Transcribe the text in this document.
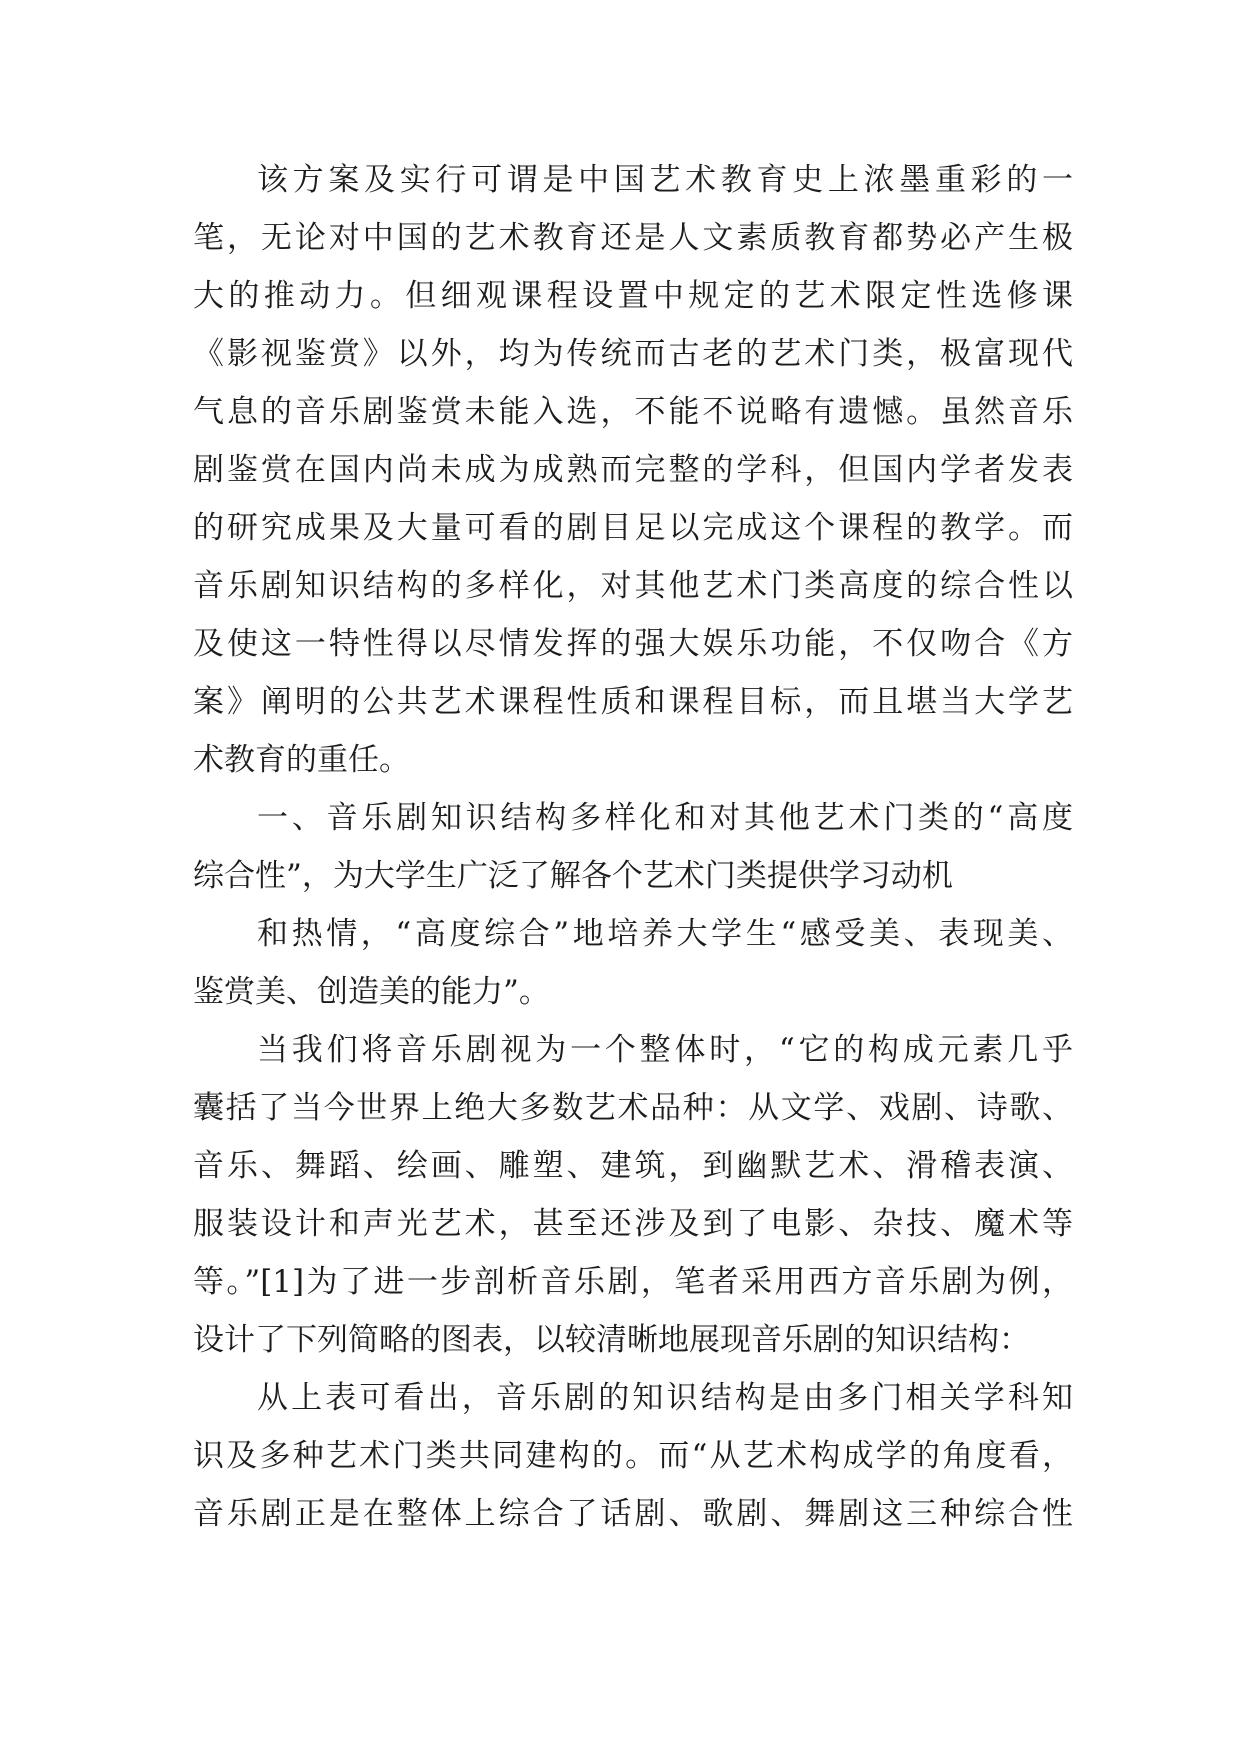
该方案及实行可谓是中国艺术教育史上浓墨重彩的一

笔，无论对中国的艺术教育还是人文素质教育都势必产生极

大的推动力。但细观课程设置中规定的艺术限定性选修课

《影视鉴赏》以外，均为传统而古老的艺术门类，极富现代

气息的音乐剧鉴赏未能入选，不能不说略有遗憾。虽然音乐

剧鉴赏在国内尚未成为成熟而完整的学科，但国内学者发表

的研究成果及大量可看的剧目足以完成这个课程的教学。而

音乐剧知识结构的多样化，对其他艺术门类高度的综合性以

及使这一特性得以尽情发挥的强大娱乐功能，不仅吻合《方

案》阐明的公共艺术课程性质和课程目标，而且堪当大学艺

术教育的重任。

一、音乐剧知识结构多样化和对其他艺术门类的“高度

综合性”，为大学生广泛了解各个艺术门类提供学习动机

和热情，“高度综合”地培养大学生“感受美、表现美、

鉴赏美、创造美的能力”。

当我们将音乐剧视为一个整体时，“它的构成元素几乎

囊括了当今世界上绝大多数艺术品种：从文学、戏剧、诗歌、

音乐、舞蹈、绘画、雕塑、建筑，到幽默艺术、滑稽表演、

服装设计和声光艺术，甚至还涉及到了电影、杂技、魔术等

等。”[1]为了进一步剖析音乐剧，笔者采用西方音乐剧为例，

设计了下列简略的图表，以较清晰地展现音乐剧的知识结构：

从上表可看出，音乐剧的知识结构是由多门相关学科知

识及多种艺术门类共同建构的。而“从艺术构成学的角度看，

音乐剧正是在整体上综合了话剧、歌剧、舞剧这三种综合性
